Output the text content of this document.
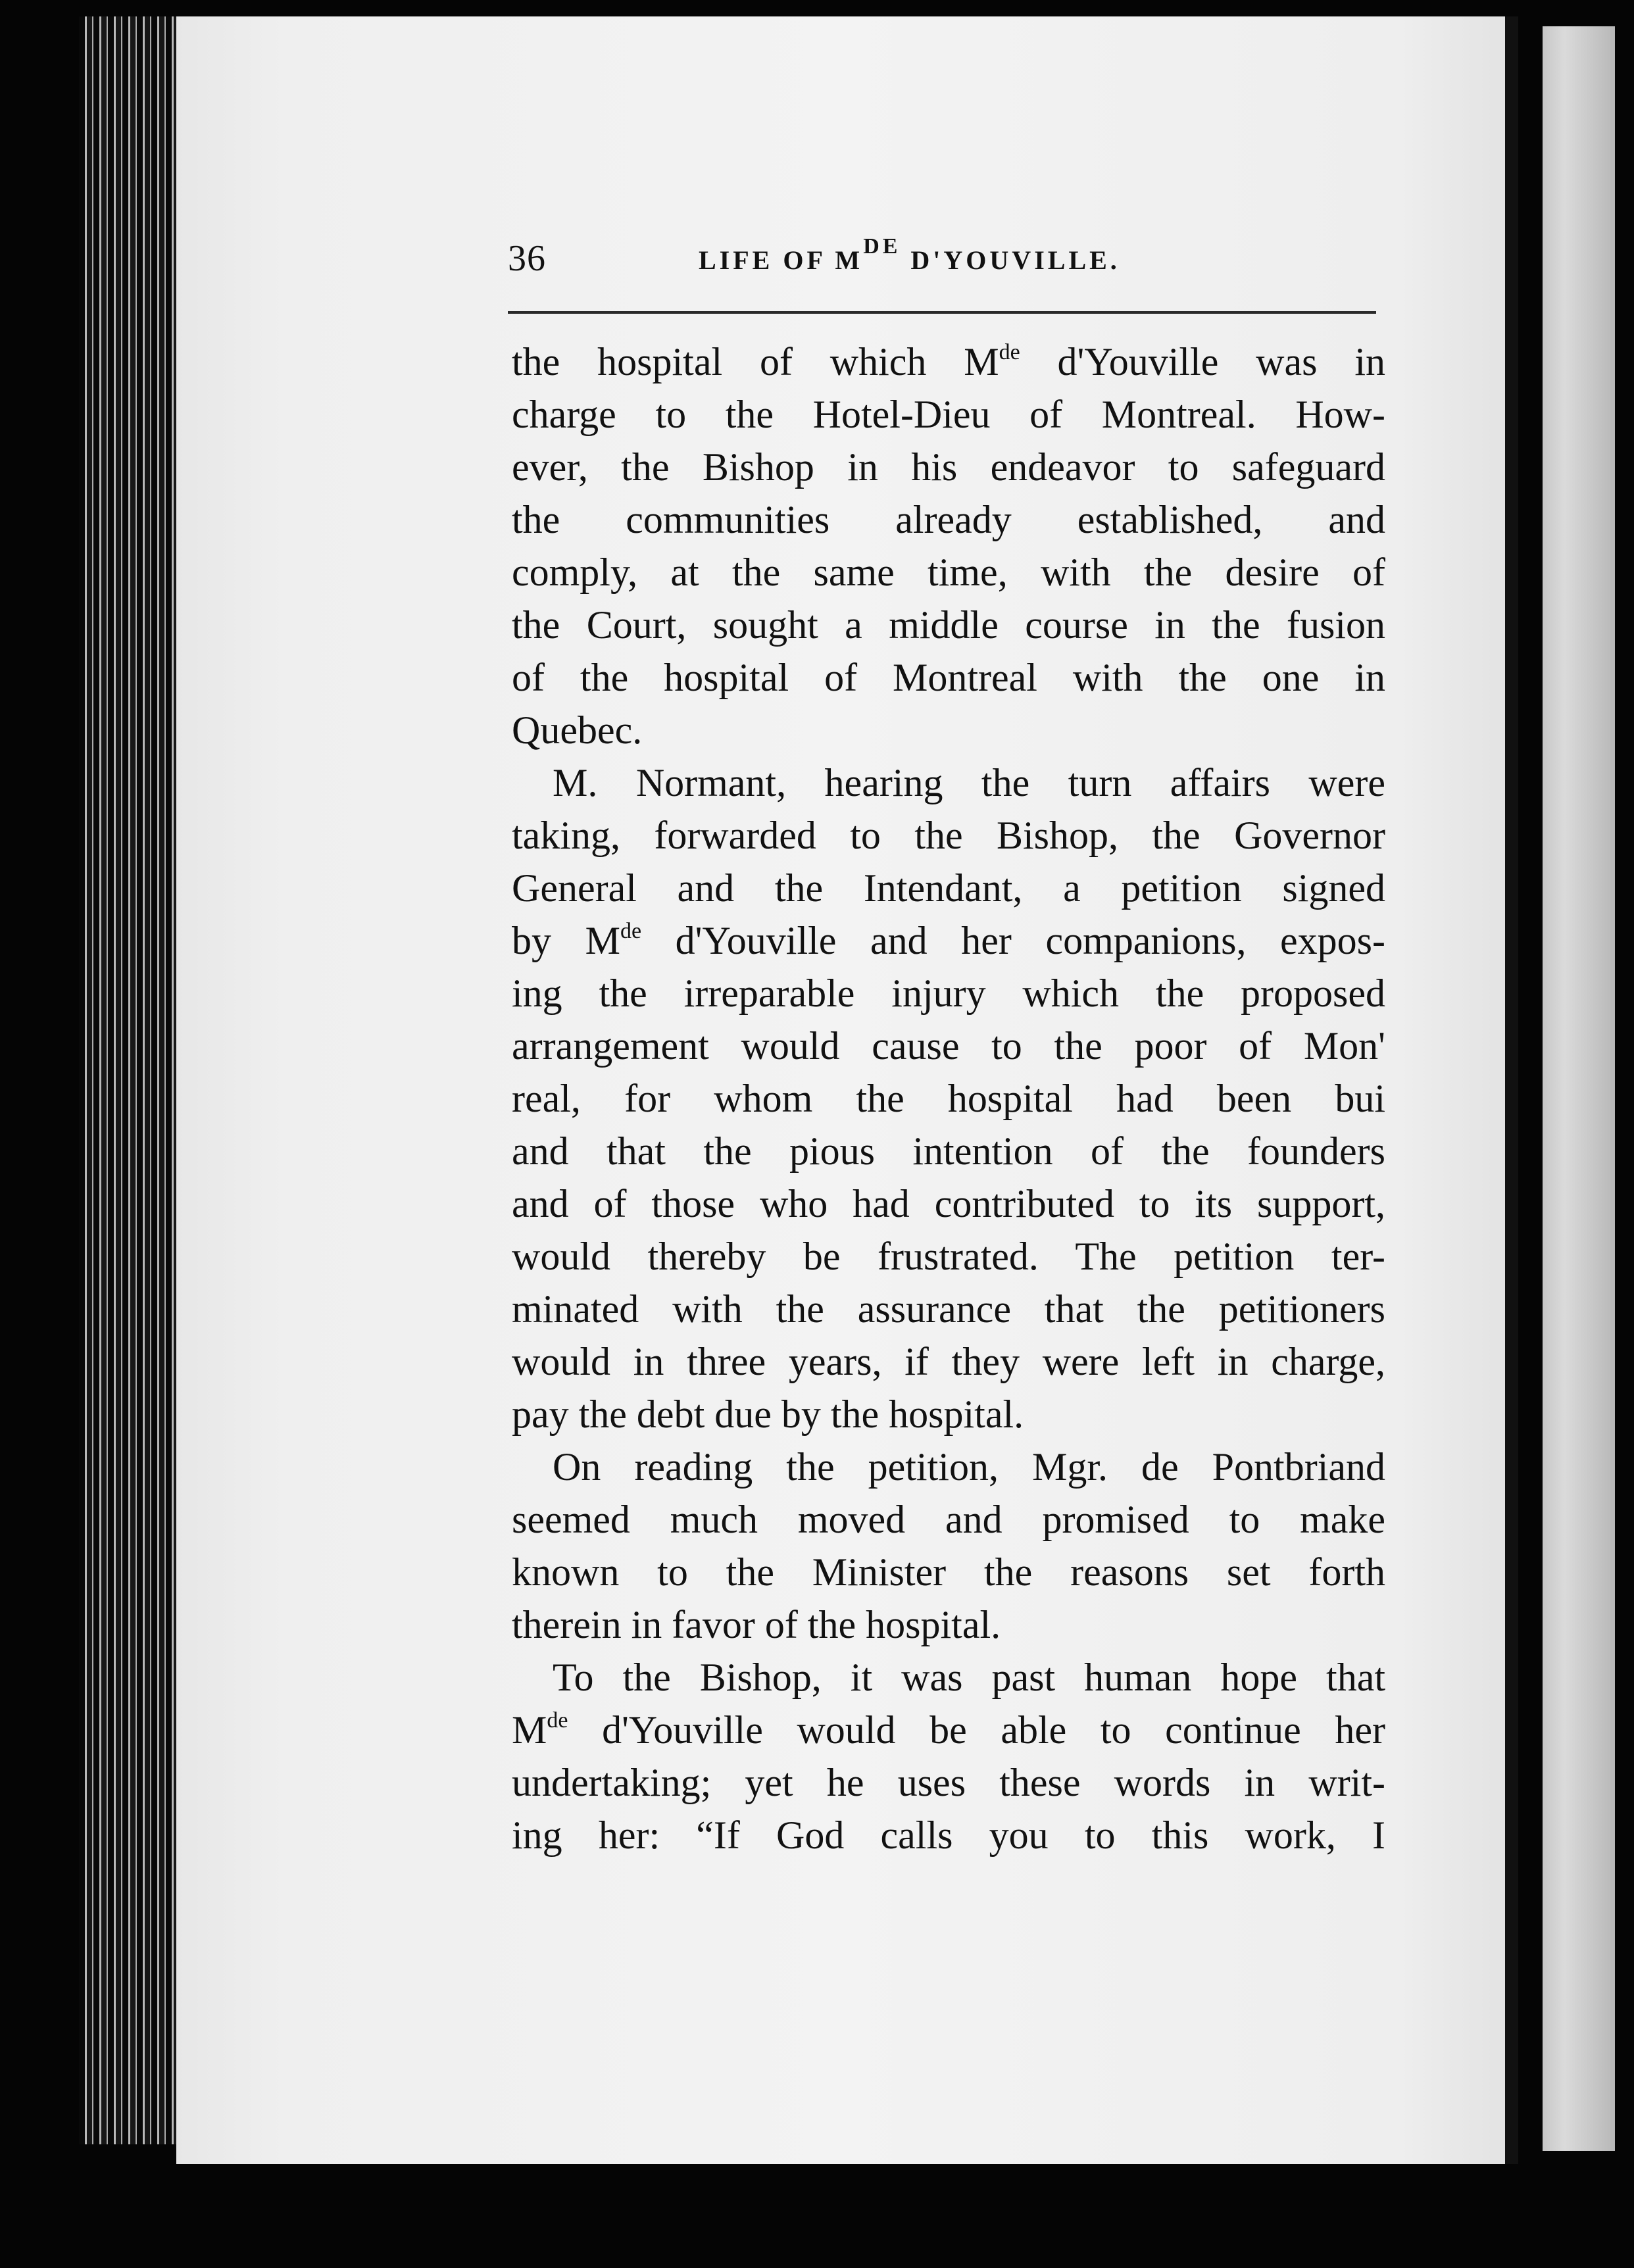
36	LIFE OF MDE D'YOUVILLE.
the hospital of which Mde d'Youville was in
charge to the Hotel-Dieu of Montreal. How-
ever, the Bishop in his endeavor to safeguard
the communities already established, and
comply, at the same time, with the desire of
the Court, sought a middle course in the fusion
of the hospital of Montreal with the one in
Quebec.
M. Normant, hearing the turn affairs were
taking, forwarded to the Bishop, the Governor
General and the Intendant, a petition signed
by Mde d'Youville and her companions, expos-
ing the irreparable injury which the proposed
arrangement would cause to the poor of Mon'
real, for whom the hospital had been bui
and that the pious intention of the founders
and of those who had contributed to its support,
would thereby be frustrated. The petition ter-
minated with the assurance that the petitioners
would in three years, if they were left in charge,
pay the debt due by the hospital.
On reading the petition, Mgr. de Pontbriand
seemed much moved and promised to make
known to the Minister the reasons set forth
therein in favor of the hospital.
To the Bishop, it was past human hope that
Mde d'Youville would be able to continue her
undertaking; yet he uses these words in writ-
ing her: “If God calls you to this work, I
